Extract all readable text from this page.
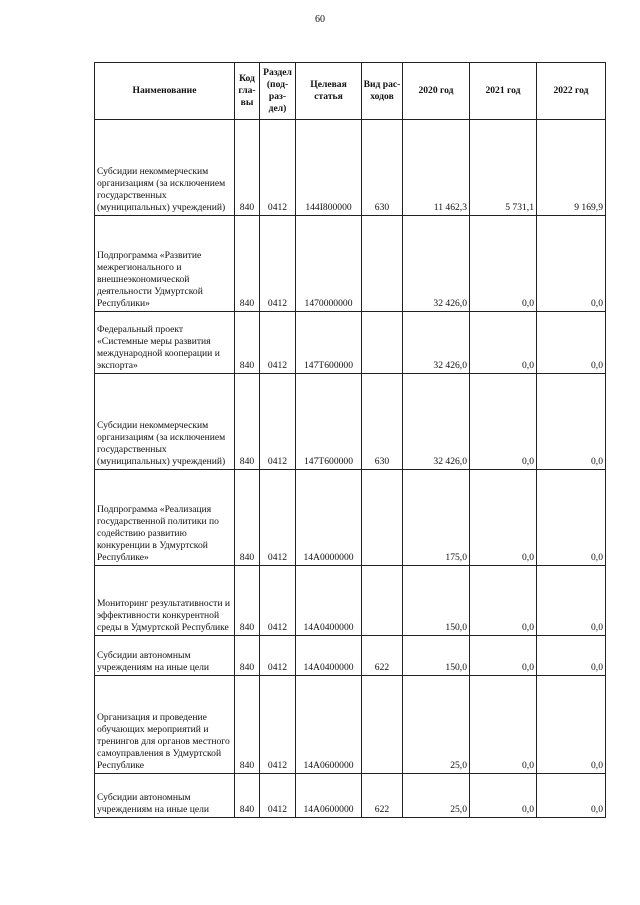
60
Наименование	Код гла-вы	Раздел (под-раз-дел)	Целевая статья	Вид рас-ходов	2020 год	2021 год	2022 год
Субсидии некоммерческим организациям (за исключением государственных (муниципальных) учреждений)	840	0412	144I800000	630	11 462,3	5 731,1	9 169,9
Подпрограмма «Развитие межрегионального и внешнеэкономической деятельности Удмуртской Республики»	840	0412	1470000000		32 426,0	0,0	0,0
Федеральный проект «Системные меры развития международной кооперации и экспорта»	840	0412	147T600000		32 426,0	0,0	0,0
Субсидии некоммерческим организациям (за исключением государственных (муниципальных) учреждений)	840	0412	147T600000	630	32 426,0	0,0	0,0
Подпрограмма «Реализация государственной политики по содействию развитию конкуренции в Удмуртской Республике»	840	0412	14A0000000		175,0	0,0	0,0
Мониторинг результативности и эффективности конкурентной среды в Удмуртской Республике	840	0412	14A0400000		150,0	0,0	0,0
Субсидии автономным учреждениям на иные цели	840	0412	14A0400000	622	150,0	0,0	0,0
Организация и проведение обучающих мероприятий и тренингов для органов местного самоуправления в Удмуртской Республике	840	0412	14A0600000		25,0	0,0	0,0
Субсидии автономным учреждениям на иные цели	840	0412	14A0600000	622	25,0	0,0	0,0
